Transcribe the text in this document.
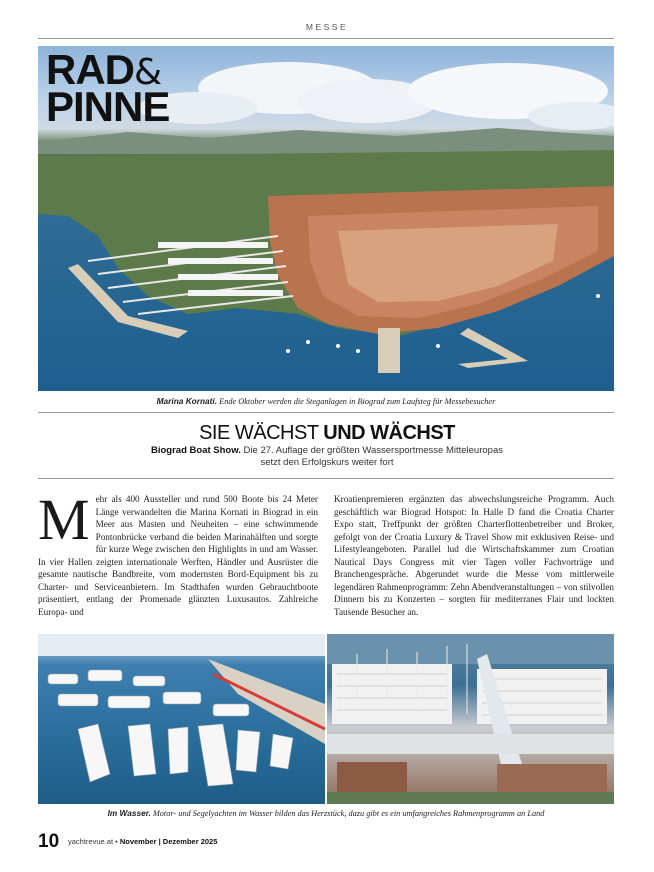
MESSE
RAD&
PINNE
Marina Kornati. Ende Oktober werden die Steganlagen in Biograd zum Laufsteg für Messebesucher
SIE WÄCHST UND WÄCHST
Biograd Boat Show. Die 27. Auflage der größten Wassersportmesse Mitteleuropas setzt den Erfolgskurs weiter fort
Mehr als 400 Aussteller und rund 500 Boote bis 24 Meter Länge verwandelten die Marina Kornati in Biograd in ein Meer aus Masten und Neuheiten – eine schwimmende Pontonbrücke verband die beiden Marinahälften und sorgte für kurze Wege zwischen den Highlights in und am Wasser. In vier Hallen zeigten internationale Werften, Händler und Ausrüster die gesamte nautische Bandbreite, vom modernsten Bord-Equipment bis zu Charter- und Serviceanbietern. Im Stadthafen wurden Gebrauchtboote präsentiert, entlang der Promenade glänzten Luxusautos. Zahlreiche Europa- und
Kroatienpremieren ergänzten das abwechslungsreiche Programm. Auch geschäftlich war Biograd Hotspot: In Halle D fand die Croatia Charter Expo statt, Treffpunkt der größten Charterflottenbetreiber und Broker, gefolgt von der Croatia Luxury & Travel Show mit exklusiven Reise- und Lifestyleangeboten. Parallel lud die Wirtschaftskammer zum Croatian Nautical Days Congress mit vier Tagen voller Fachvorträge und Branchengespräche. Abgerundet wurde die Messe vom mittlerweile legendären Rahmenprogramm: Zehn Abendveranstaltungen – von stilvollen Dinnern bis zu Konzerten – sorgten für mediterranes Flair und lockten Tausende Besucher an.
Im Wasser. Motor- und Segelyachten im Wasser bilden das Herzstück, dazu gibt es ein umfangreiches Rahmenprogramm an Land
10 yachtrevue.at • November | Dezember 2025
